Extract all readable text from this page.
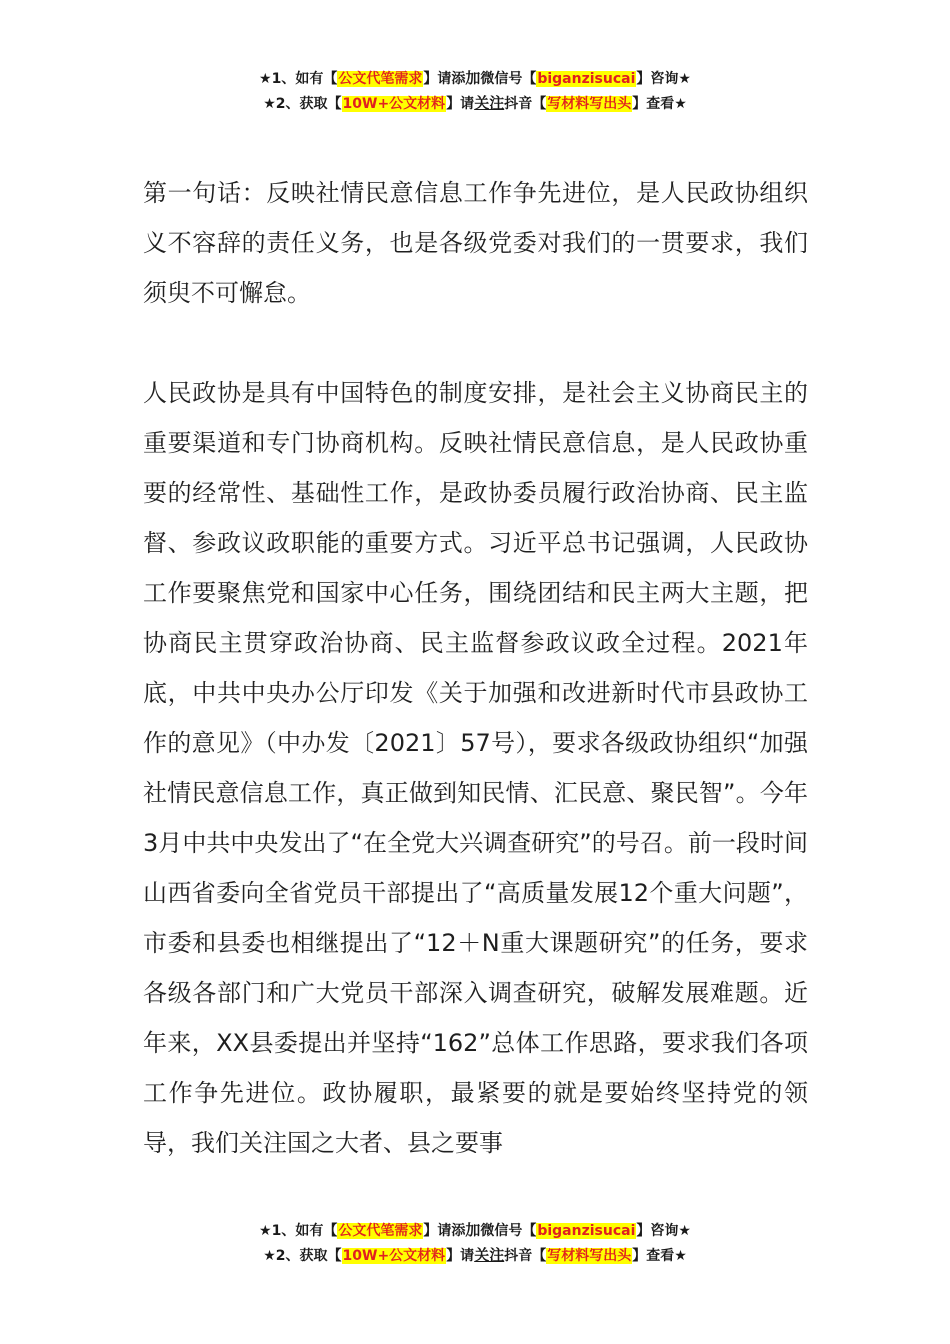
★1、如有【公文代笔需求】请添加微信号【biganzisucai】咨询★
★2、获取【10W+公文材料】请关注抖音【写材料写出头】查看★

第一句话：反映社情民意信息工作争先进位，是人民政协组织义不容辞的责任义务，也是各级党委对我们的一贯要求，我们须臾不可懈怠。

人民政协是具有中国特色的制度安排，是社会主义协商民主的重要渠道和专门协商机构。反映社情民意信息，是人民政协重要的经常性、基础性工作，是政协委员履行政治协商、民主监督、参政议政职能的重要方式。习近平总书记强调，人民政协工作要聚焦党和国家中心任务，围绕团结和民主两大主题，把协商民主贯穿政治协商、民主监督参政议政全过程。2021年底，中共中央办公厅印发《关于加强和改进新时代市县政协工作的意见》（中办发〔2021〕57号），要求各级政协组织“加强社情民意信息工作，真正做到知民情、汇民意、聚民智”。今年3月中共中央发出了“在全党大兴调查研究”的号召。前一段时间山西省委向全省党员干部提出了“高质量发展12个重大问题”，市委和县委也相继提出了“12＋N重大课题研究”的任务，要求各级各部门和广大党员干部深入调查研究，破解发展难题。近年来，XX县委提出并坚持“162”总体工作思路，要求我们各项工作争先进位。政协履职，最紧要的就是要始终坚持党的领导，我们关注国之大者、县之要事

★1、如有【公文代笔需求】请添加微信号【biganzisucai】咨询★
★2、获取【10W+公文材料】请关注抖音【写材料写出头】查看★
